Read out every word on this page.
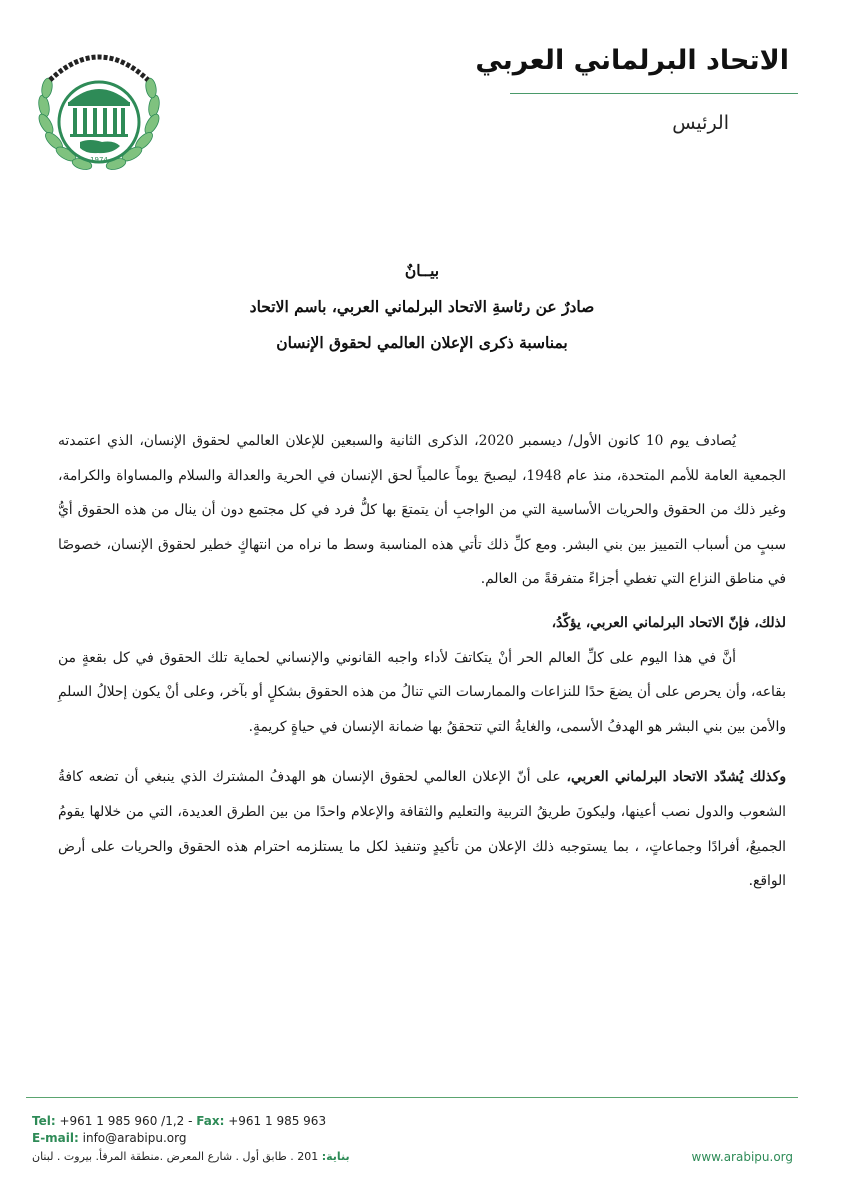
1974
الاتحاد البرلماني العربي
الرئيس
بيــانٌ
صادرٌ عن رئاسةِ الاتحاد البرلماني العربي، باسم الاتحاد
بمناسبة ذكرى الإعلان العالمي لحقوق الإنسان

يُصادف يوم 10 كانون الأول/ ديسمبر 2020، الذكرى الثانية والسبعين للإعلان العالمي لحقوق الإنسان، الذي اعتمدته الجمعية العامة للأمم المتحدة، منذ عام 1948، ليصبحَ يوماً عالمياً لحق الإنسان في الحرية والعدالة والسلام والمساواة والكرامة، وغير ذلك من الحقوق والحريات الأساسية التي من الواجبِ أن يتمتعَ بها كلُّ فرد في كل مجتمع دون أن ينال من هذه الحقوق أيُّ سببٍ من أسباب التمييز بين بني البشر. ومع كلِّ ذلك تأتي هذه المناسبة وسط ما نراه من انتهاكٍ خطير لحقوق الإنسان، خصوصًا في مناطق النزاع التي تغطي أجزاءً متفرقةً من العالم.

لذلك، فإنّ الاتحاد البرلماني العربي، يؤكّدُ،

أنَّ في هذا اليوم على كلِّ العالم الحر أنْ يتكاتفَ لأداء واجبه القانوني والإنساني لحماية تلك الحقوق في كل بقعةٍ من بقاعه، وأن يحرص على أن يضعَ حدًا للنزاعات والممارسات التي تنالُ من هذه الحقوق بشكلٍ أو بآخر، وعلى أنْ يكون إحلالُ السلمِ والأمن بين بني البشر هو الهدفُ الأسمى، والغايةُ التي تتحققُ بها ضمانة الإنسان في حياةٍ كريمةٍ.

وكذلك يُشدّد الاتحاد البرلماني العربي، على أنّ الإعلان العالمي لحقوق الإنسان هو الهدفُ المشترك الذي ينبغي أن تضعه كافةُ الشعوب والدول نصب أعينها، وليكونَ طريقُ التربية والتعليم والثقافة والإعلام واحدًا من بين الطرق العديدة، التي من خلالها يقومُ الجميعُ، أفرادًا وجماعاتٍ، ، بما يستوجبه ذلك الإعلان من تأكيدٍ وتنفيذ لكل ما يستلزمه احترام هذه الحقوق والحريات على أرض الواقع.

Tel: +961 1 985 960 /1,2 - Fax: +961 1 985 963
E-mail: info@arabipu.org
بناية: 201 . طابق أول . شارع المعرض .منطقة المرفأ. بيروت . لبنان	www.arabipu.org
